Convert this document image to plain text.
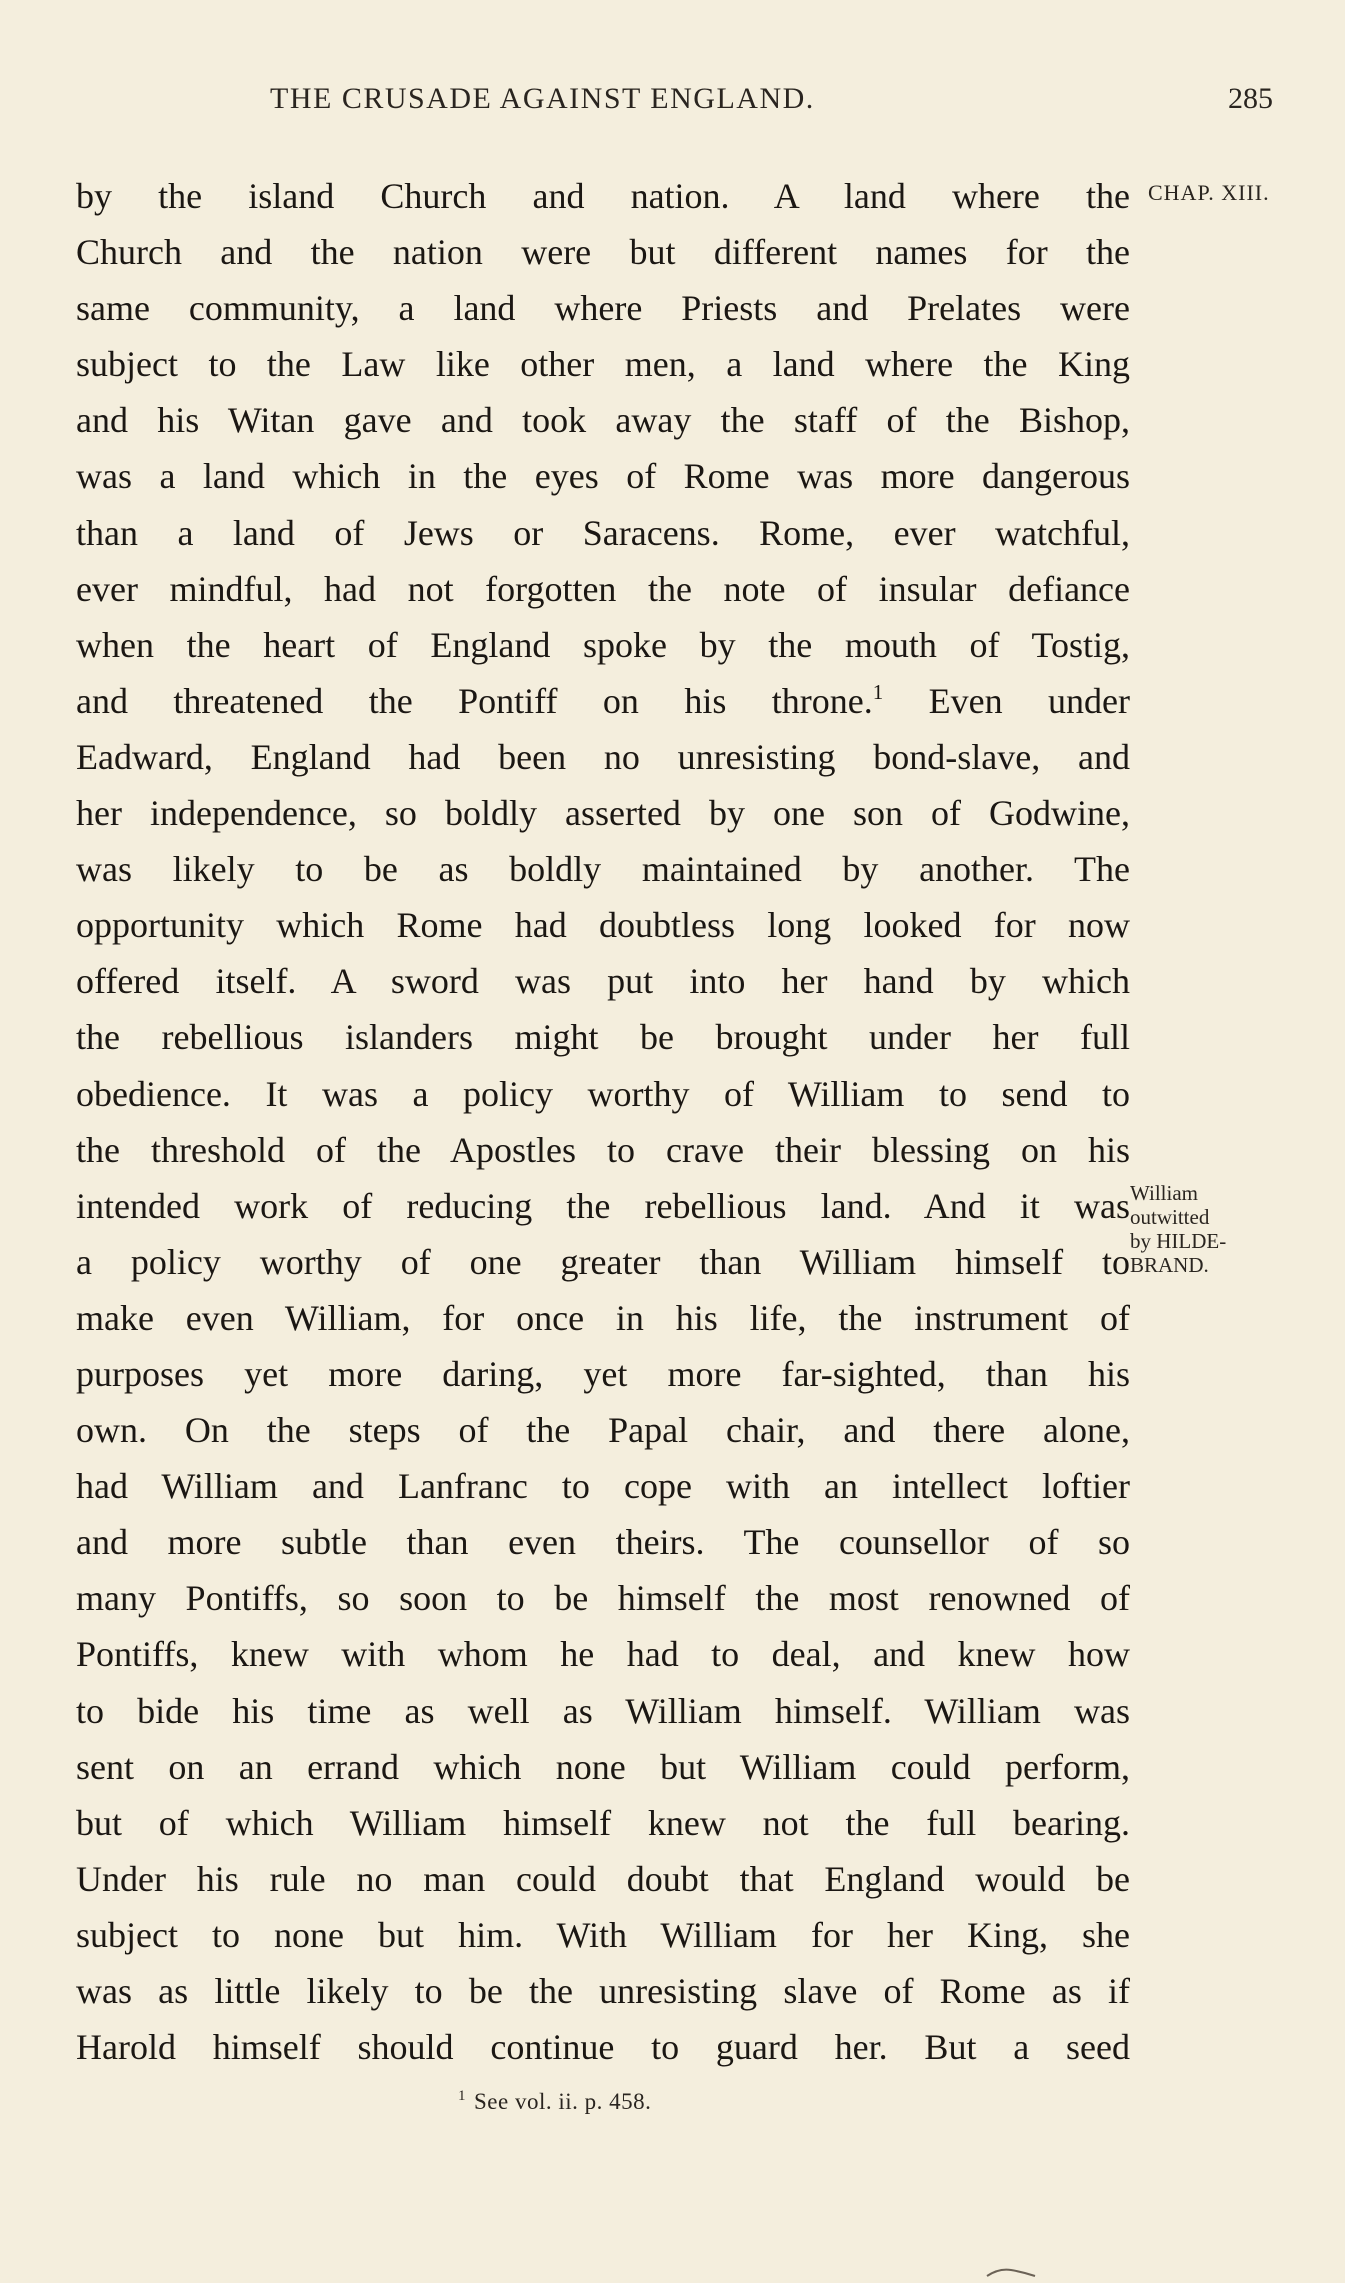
THE CRUSADE AGAINST ENGLAND.	285
CHAP. XIII.
William
outwitted
by HILDE-
BRAND.
by the island Church and nation. A land where the
Church and the nation were but different names for the
same community, a land where Priests and Prelates were
subject to the Law like other men, a land where the King
and his Witan gave and took away the staff of the Bishop,
was a land which in the eyes of Rome was more dangerous
than a land of Jews or Saracens. Rome, ever watchful,
ever mindful, had not forgotten the note of insular defiance
when the heart of England spoke by the mouth of Tostig,
and threatened the Pontiff on his throne.$^1$ Even under
Eadward, England had been no unresisting bond-slave, and
her independence, so boldly asserted by one son of Godwine,
was likely to be as boldly maintained by another. The
opportunity which Rome had doubtless long looked for now
offered itself. A sword was put into her hand by which
the rebellious islanders might be brought under her full
obedience. It was a policy worthy of William to send to
the threshold of the Apostles to crave their blessing on his
intended work of reducing the rebellious land. And it was
a policy worthy of one greater than William himself to
make even William, for once in his life, the instrument of
purposes yet more daring, yet more far-sighted, than his
own. On the steps of the Papal chair, and there alone,
had William and Lanfranc to cope with an intellect loftier
and more subtle than even theirs. The counsellor of so
many Pontiffs, so soon to be himself the most renowned of
Pontiffs, knew with whom he had to deal, and knew how
to bide his time as well as William himself. William was
sent on an errand which none but William could perform,
but of which William himself knew not the full bearing.
Under his rule no man could doubt that England would be
subject to none but him. With William for her King, she
was as little likely to be the unresisting slave of Rome as if
Harold himself should continue to guard her. But a seed
$^1$ See vol. ii. p. 458.
